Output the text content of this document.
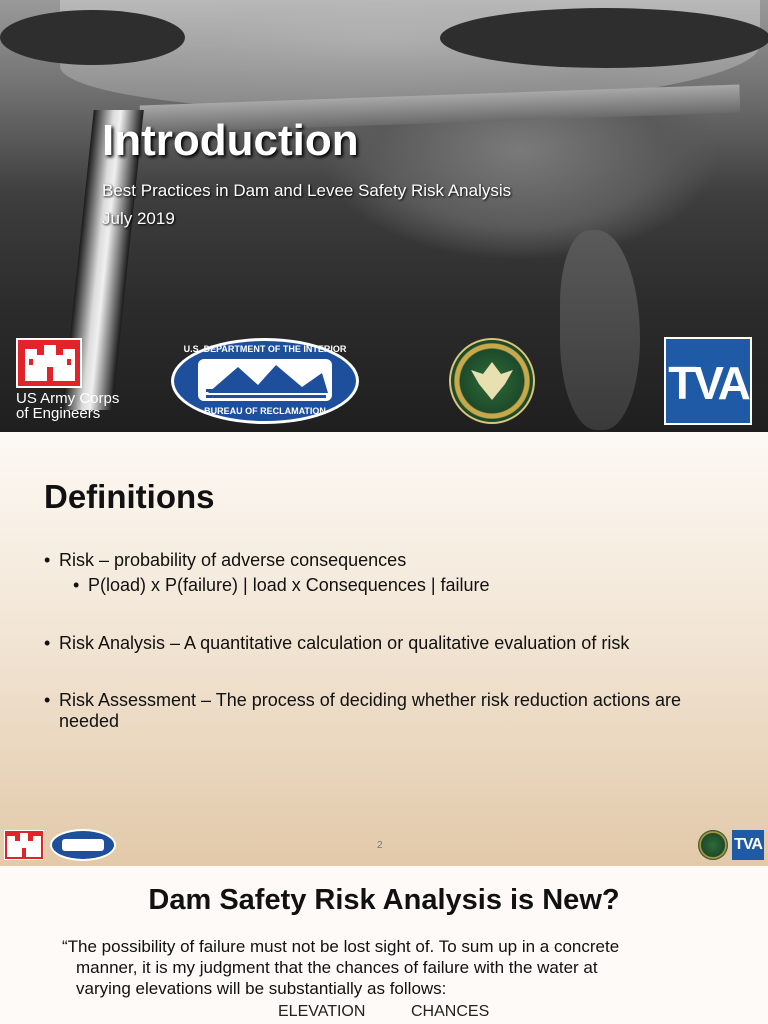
Introduction
Best Practices in Dam and Levee Safety Risk Analysis
July 2019
US Army Corps
of Engineers
U.S. DEPARTMENT OF THE INTERIOR
BUREAU OF RECLAMATION
TVA
Definitions
• Risk – probability of adverse consequences
• P(load) x P(failure) | load x Consequences | failure
• Risk Analysis – A quantitative calculation or qualitative evaluation of risk
• Risk Assessment – The process of deciding whether risk reduction actions are
needed
2	TVA
Dam Safety Risk Analysis is New?
“The possibility of failure must not be lost sight of. To sum up in a concrete
manner, it is my judgment that the chances of failure with the water at
varying elevations will be substantially as follows:
ELEVATION	CHANCES
